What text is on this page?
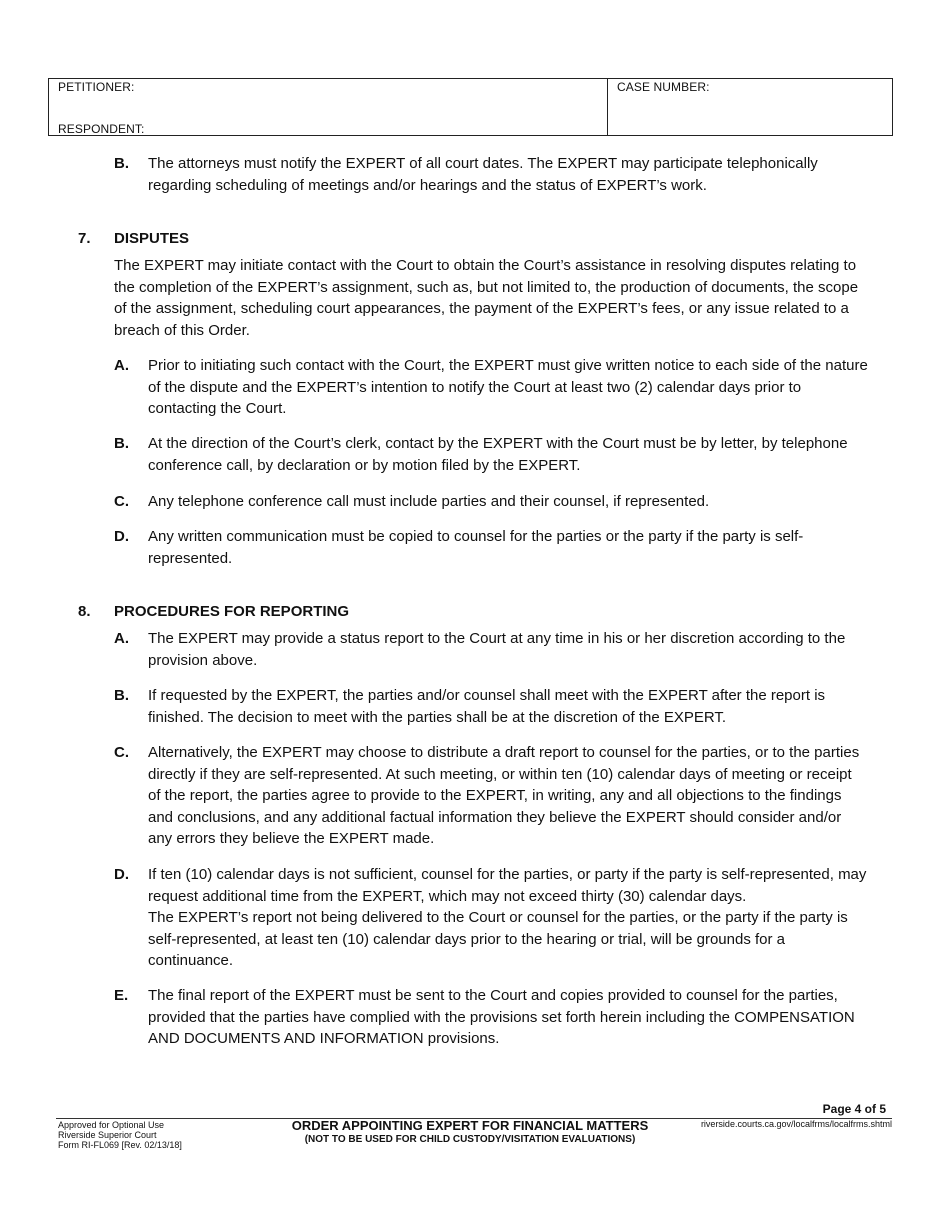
PETITIONER:
RESPONDENT:
CASE NUMBER:
B. The attorneys must notify the EXPERT of all court dates. The EXPERT may participate telephonically regarding scheduling of meetings and/or hearings and the status of EXPERT’s work.
7. DISPUTES
The EXPERT may initiate contact with the Court to obtain the Court’s assistance in resolving disputes relating to the completion of the EXPERT’s assignment, such as, but not limited to, the production of documents, the scope of the assignment, scheduling court appearances, the payment of the EXPERT’s fees, or any issue related to a breach of this Order.
A. Prior to initiating such contact with the Court, the EXPERT must give written notice to each side of the nature of the dispute and the EXPERT’s intention to notify the Court at least two (2) calendar days prior to contacting the Court.
B. At the direction of the Court’s clerk, contact by the EXPERT with the Court must be by letter, by telephone conference call, by declaration or by motion filed by the EXPERT.
C. Any telephone conference call must include parties and their counsel, if represented.
D. Any written communication must be copied to counsel for the parties or the party if the party is self-represented.
8. PROCEDURES FOR REPORTING
A. The EXPERT may provide a status report to the Court at any time in his or her discretion according to the provision above.
B. If requested by the EXPERT, the parties and/or counsel shall meet with the EXPERT after the report is finished. The decision to meet with the parties shall be at the discretion of the EXPERT.
C. Alternatively, the EXPERT may choose to distribute a draft report to counsel for the parties, or to the parties directly if they are self-represented. At such meeting, or within ten (10) calendar days of meeting or receipt of the report, the parties agree to provide to the EXPERT, in writing, any and all objections to the findings and conclusions, and any additional factual information they believe the EXPERT should consider and/or any errors they believe the EXPERT made.
D. If ten (10) calendar days is not sufficient, counsel for the parties, or party if the party is self-represented, may request additional time from the EXPERT, which may not exceed thirty (30) calendar days.
The EXPERT’s report not being delivered to the Court or counsel for the parties, or the party if the party is self-represented, at least ten (10) calendar days prior to the hearing or trial, will be grounds for a continuance.
E. The final report of the EXPERT must be sent to the Court and copies provided to counsel for the parties, provided that the parties have complied with the provisions set forth herein including the COMPENSATION AND DOCUMENTS AND INFORMATION provisions.
Page 4 of 5
Approved for Optional Use
Riverside Superior Court
Form RI-FL069 [Rev. 02/13/18]
ORDER APPOINTING EXPERT FOR FINANCIAL MATTERS
(NOT TO BE USED FOR CHILD CUSTODY/VISITATION EVALUATIONS)
riverside.courts.ca.gov/localfrms/localfrms.shtml
